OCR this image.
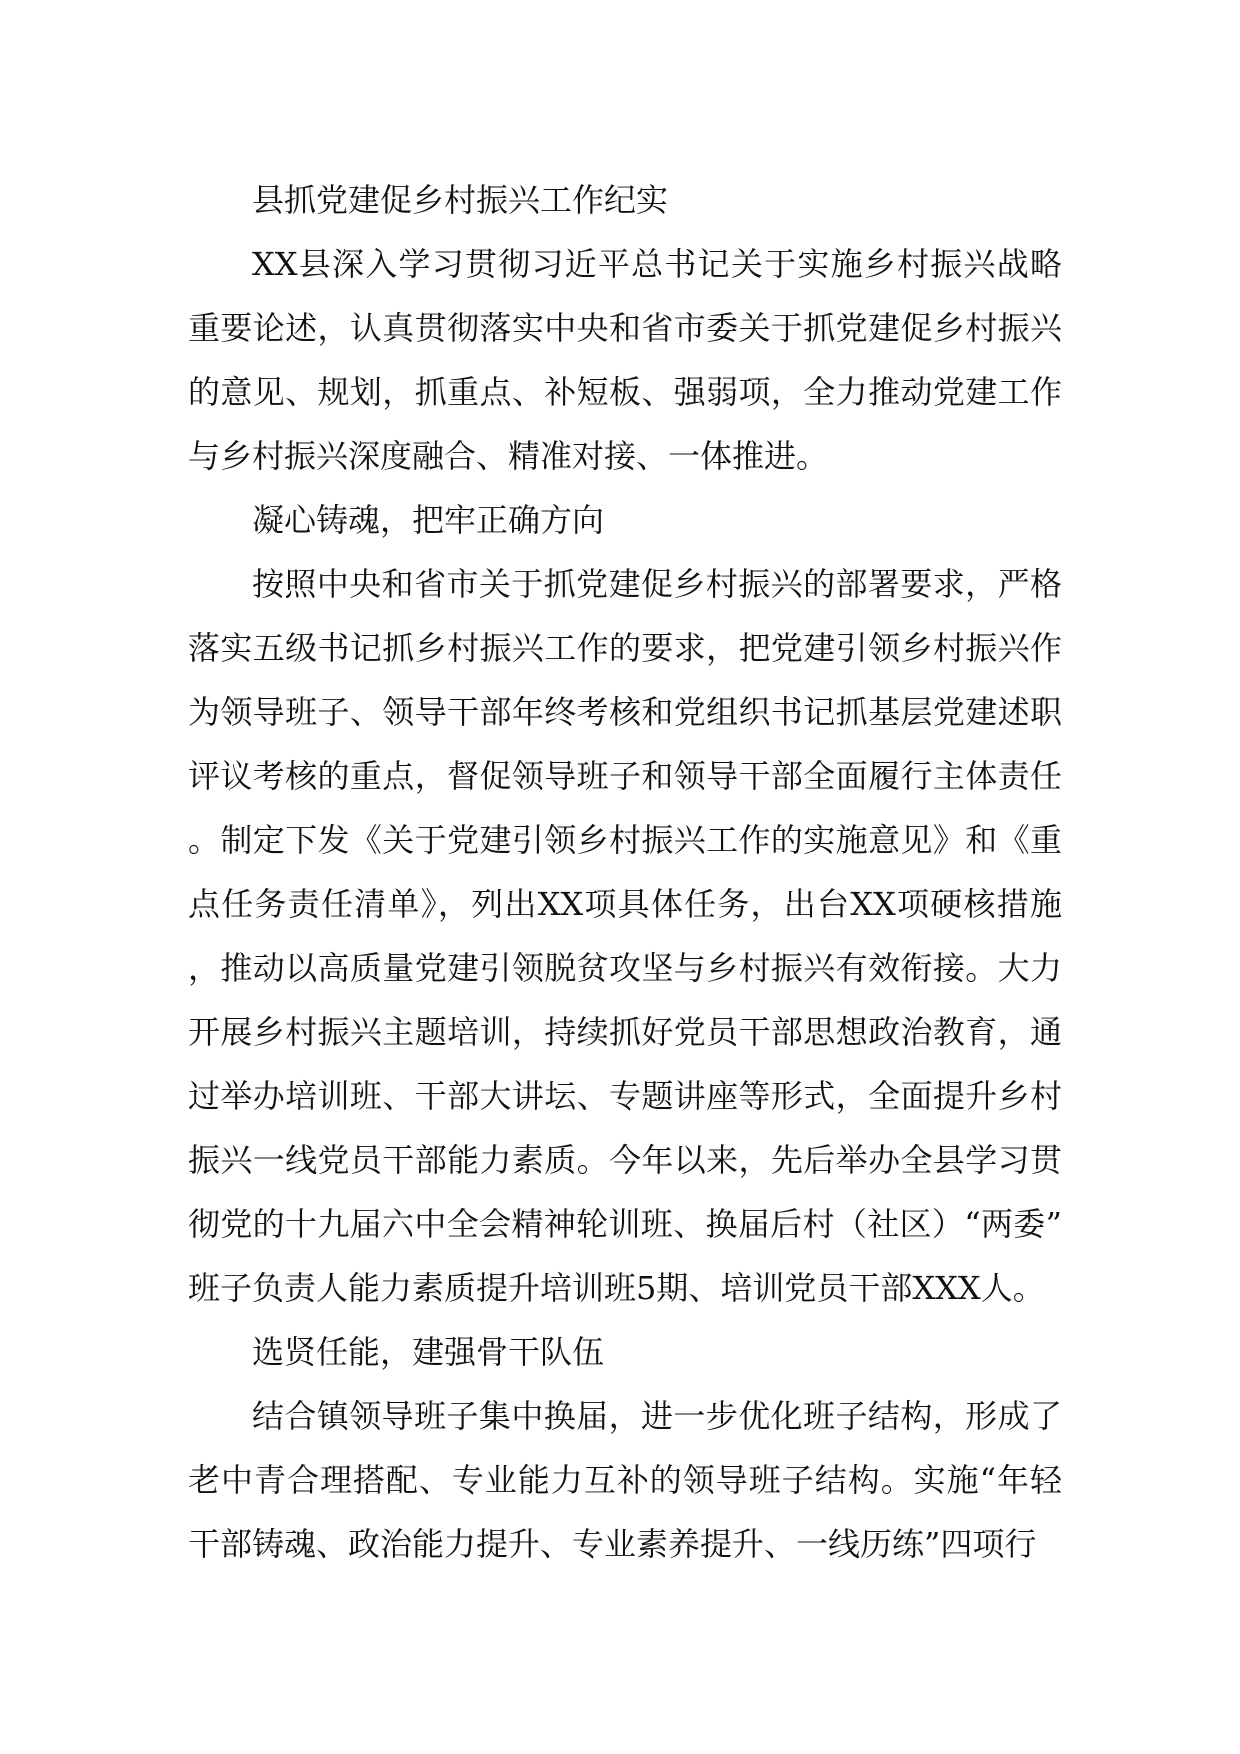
县抓党建促乡村振兴工作纪实

XX县深入学习贯彻习近平总书记关于实施乡村振兴战略重要论述，认真贯彻落实中央和省市委关于抓党建促乡村振兴的意见、规划，抓重点、补短板、强弱项，全力推动党建工作与乡村振兴深度融合、精准对接、一体推进。

凝心铸魂，把牢正确方向

按照中央和省市关于抓党建促乡村振兴的部署要求，严格落实五级书记抓乡村振兴工作的要求，把党建引领乡村振兴作为领导班子、领导干部年终考核和党组织书记抓基层党建述职评议考核的重点，督促领导班子和领导干部全面履行主体责任。制定下发《关于党建引领乡村振兴工作的实施意见》和《重点任务责任清单》，列出XX项具体任务，出台XX项硬核措施，推动以高质量党建引领脱贫攻坚与乡村振兴有效衔接。大力开展乡村振兴主题培训，持续抓好党员干部思想政治教育，通过举办培训班、干部大讲坛、专题讲座等形式，全面提升乡村振兴一线党员干部能力素质。今年以来，先后举办全县学习贯彻党的十九届六中全会精神轮训班、换届后村（社区）“两委”班子负责人能力素质提升培训班5期、培训党员干部XXX人。

选贤任能，建强骨干队伍

结合镇领导班子集中换届，进一步优化班子结构，形成了老中青合理搭配、专业能力互补的领导班子结构。实施“年轻干部铸魂、政治能力提升、专业素养提升、一线历练”四项行
